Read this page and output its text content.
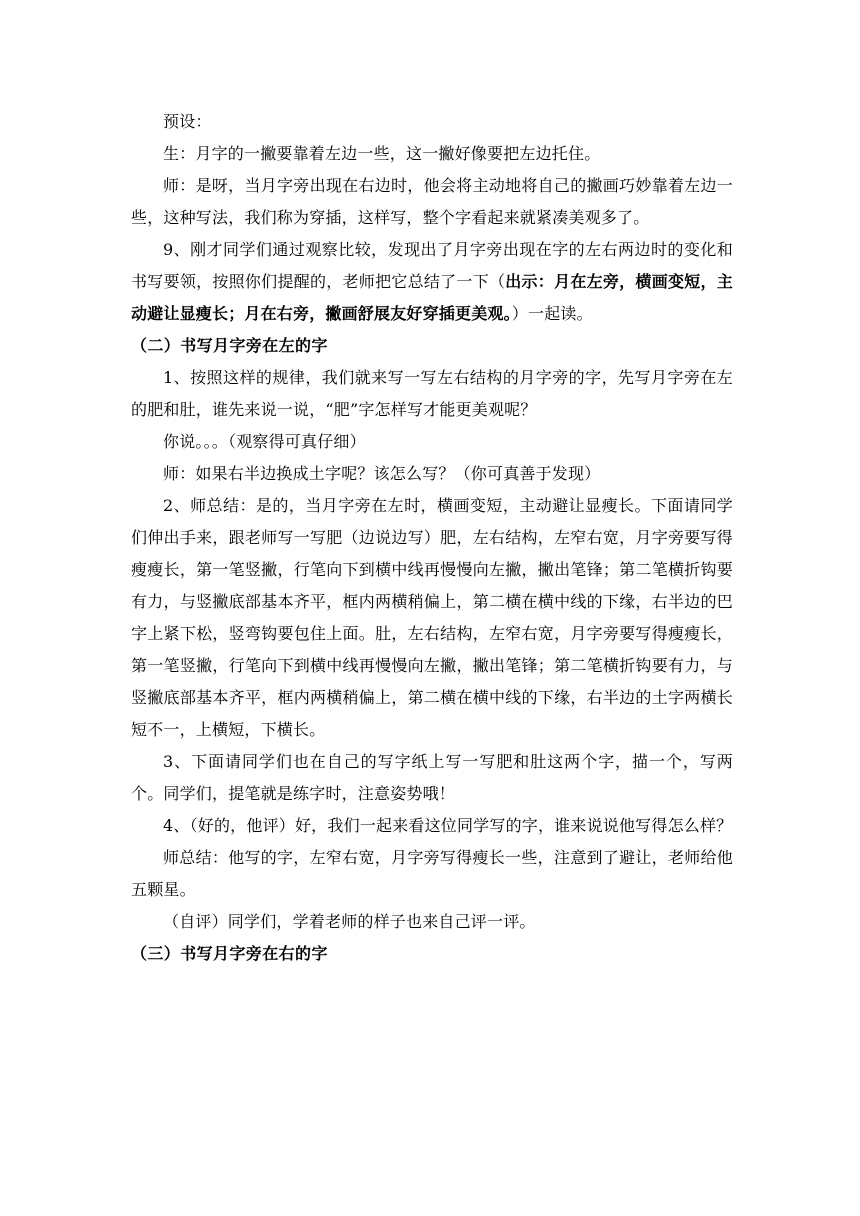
预设：

生：月字的一撇要靠着左边一些，这一撇好像要把左边托住。

师：是呀，当月字旁出现在右边时，他会将主动地将自己的撇画巧妙靠着左边一些，这种写法，我们称为穿插，这样写，整个字看起来就紧凑美观多了。

9、刚才同学们通过观察比较，发现出了月字旁出现在字的左右两边时的变化和书写要领，按照你们提醒的，老师把它总结了一下（出示：月在左旁，横画变短，主动避让显瘦长；月在右旁，撇画舒展友好穿插更美观。）一起读。

（二）书写月字旁在左的字

1、按照这样的规律，我们就来写一写左右结构的月字旁的字，先写月字旁在左的肥和肚，谁先来说一说，“肥”字怎样写才能更美观呢？

你说。。。（观察得可真仔细）

师：如果右半边换成土字呢？该怎么写？（你可真善于发现）

2、师总结：是的，当月字旁在左时，横画变短，主动避让显瘦长。下面请同学们伸出手来，跟老师写一写肥（边说边写）肥，左右结构，左窄右宽，月字旁要写得瘦瘦长，第一笔竖撇，行笔向下到横中线再慢慢向左撇，撇出笔锋；第二笔横折钩要有力，与竖撇底部基本齐平，框内两横稍偏上，第二横在横中线的下缘，右半边的巴字上紧下松，竖弯钩要包住上面。肚，左右结构，左窄右宽，月字旁要写得瘦瘦长，第一笔竖撇，行笔向下到横中线再慢慢向左撇，撇出笔锋；第二笔横折钩要有力，与竖撇底部基本齐平，框内两横稍偏上，第二横在横中线的下缘，右半边的土字两横长短不一，上横短，下横长。

3、下面请同学们也在自己的写字纸上写一写肥和肚这两个字，描一个，写两个。同学们，提笔就是练字时，注意姿势哦！

4、（好的，他评）好，我们一起来看这位同学写的字，谁来说说他写得怎么样？

师总结：他写的字，左窄右宽，月字旁写得瘦长一些，注意到了避让，老师给他五颗星。

（自评）同学们，学着老师的样子也来自己评一评。

（三）书写月字旁在右的字
